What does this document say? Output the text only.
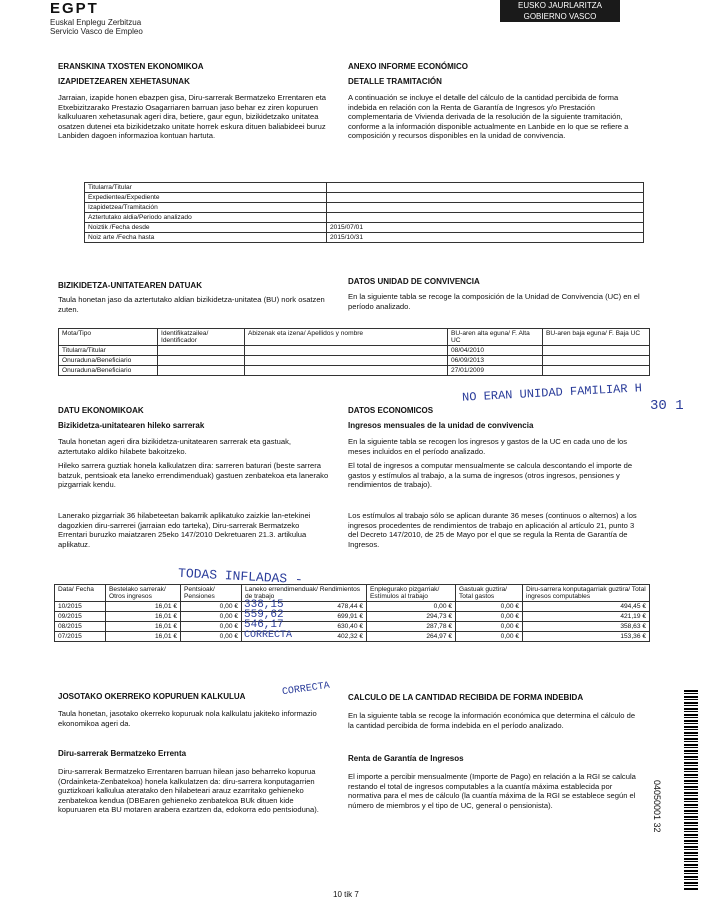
EGPT
Euskal Enplegu Zerbitzua
Servicio Vasco de Empleo
EUSKO JAURLARITZA
GOBIERNO VASCO
ERANSKINA TXOSTEN EKONOMIKOA
IZAPIDETZEAREN XEHETASUNAK
Jarraian, izapide honen ebazpen gisa, Diru-sarrerak Bermatzeko Errentaren eta Etxebizitzarako Prestazio Osagarriaren barruan jaso behar ez ziren kopuruen kalkuluaren xehetasunak ageri dira, betiere, gaur egun, bizikidetzako unitatea osatzen dutenei eta bizikidetzako unitate horrek eskura dituen baliabideei buruz Lanbiden dagoen informazioa kontuan hartuta.
ANEXO INFORME ECONÓMICO
DETALLE TRAMITACIÓN
A continuación se incluye el detalle del cálculo de la cantidad percibida de forma indebida en relación con la Renta de Garantía de Ingresos y/o Prestación complementaria de Vivienda derivada de la resolución de la siguiente tramitación, conforme a la información disponible actualmente en Lanbide en lo que se refiere a composición y recursos disponibles en la unidad de convivencia.
Titularra/Titular	
Expedientea/Expediente	
Izapidetzea/Tramitación	
Aztertutako aldia/Periodo analizado	
Noiztik /Fecha desde	2015/07/01
Noiz arte /Fecha hasta	2015/10/31
BIZIKIDETZA-UNITATEAREN DATUAK
Taula honetan jaso da aztertutako aldian bizikidetza-unitatea (BU) nork osatzen zuten.
DATOS UNIDAD DE CONVIVENCIA
En la siguiente tabla se recoge la composición de la Unidad de Convivencia (UC) en el período analizado.
Mota/Tipo	Identifikatzailea/ Identificador	Abizenak eta izena/ Apellidos y nombre	BU-aren alta eguna/ F. Alta UC	BU-aren baja eguna/ F. Baja UC
Titularra/Titular			08/04/2010	
Onuraduna/Beneficiario			06/09/2013	
Onuraduna/Beneficiario			27/01/2009	
DATU EKONOMIKOAK
Bizikidetza-unitatearen hileko sarrerak
Taula honetan ageri dira bizikidetza-unitatearen sarrerak eta gastuak, aztertutako aldiko hilabete bakoitzeko.
Hileko sarrera guztiak honela kalkulatzen dira: sarreren baturari (beste sarrera batzuk, pentsioak eta laneko errendimenduak) gastuen zenbatekoa eta lanerako pizgarriak kendu.
Lanerako pizgarriak 36 hilabeteetan bakarrik aplikatuko zaizkie lan-etekinei dagozkien diru-sarrerei (jarraian edo tarteka), Diru-sarrerak Bermatzeko Errentari buruzko maiatzaren 25eko 147/2010 Dekretuaren 21.3. artikulua aplikatuz.
DATOS ECONOMICOS
Ingresos mensuales de la unidad de convivencia
En la siguiente tabla se recogen los ingresos y gastos de la UC en cada uno de los meses incluidos en el período analizado.
El total de ingresos a computar mensualmente se calcula descontando el importe de gastos y estímulos al trabajo, a la suma de ingresos (otros ingresos, pensiones y rendimientos de trabajo).
Los estímulos al trabajo sólo se aplican durante 36 meses (continuos o alternos) a los ingresos procedentes de rendimientos de trabajo en aplicación al artículo 21, punto 3 del Decreto 147/2010, de 25 de Mayo por el que se regula la Renta de Garantía de Ingresos.
NO ERAN UNIDAD FAMILIAR H
30 1
TODAS INFLADAS -
Data/ Fecha	Bestelako sarrerak/ Otros ingresos	Pentsioak/ Pensiones	Laneko errendimenduak/ Rendimientos de trabajo	Enplegurako pizgarriak/ Estímulos al trabajo	Gastuak guztira/ Total gastos	Diru-sarrera konputagarriak guztira/ Total ingresos computables
10/2015	16,01 €	0,00 €	338,15 478,44 €	0,00 €	0,00 €	494,45 €
09/2015	16,01 €	0,00 €	559,62 699,91 €	294,73 €	0,00 €	421,19 €
08/2015	16,01 €	0,00 €	546,17 630,40 €	287,78 €	0,00 €	358,63 €
07/2015	16,01 €	0,00 €	CORRECTA 402,32 €	264,97 €	0,00 €	153,36 €
CORRECTA
JOSOTAKO OKERREKO KOPURUEN KALKULUA
Taula honetan, jasotako okerreko kopuruak nola kalkulatu jakiteko informazio ekonomikoa ageri da.
Diru-sarrerak Bermatzeko Errenta
Diru-sarrerak Bermatzeko Errentaren barruan hilean jaso beharreko kopurua (Ordainketa-Zenbatekoa) honela kalkulatzen da: diru-sarrera konputagarrien guztizkoari kalkulua ateratako den hilabeteari arauz ezarritako gehieneko zenbatekoa kendua (DBEaren gehieneko zenbatekoa BUk dituen kide kopuruaren eta BU motaren arabera ezartzen da, edokorra edo pentsioduna).
CALCULO DE LA CANTIDAD RECIBIDA DE FORMA INDEBIDA
En la siguiente tabla se recoge la información económica que determina el cálculo de la cantidad percibida de forma indebida en el período analizado.
Renta de Garantía de Ingresos
El importe a percibir mensualmente (Importe de Pago) en relación a la RGI se calcula restando el total de ingresos computables a la cuantía máxima establecida por normativa para el mes de cálculo (la cuantía máxima de la RGI se establece según el número de miembros y el tipo de UC, general o pensionista).
10 tik 7
04050001 32
